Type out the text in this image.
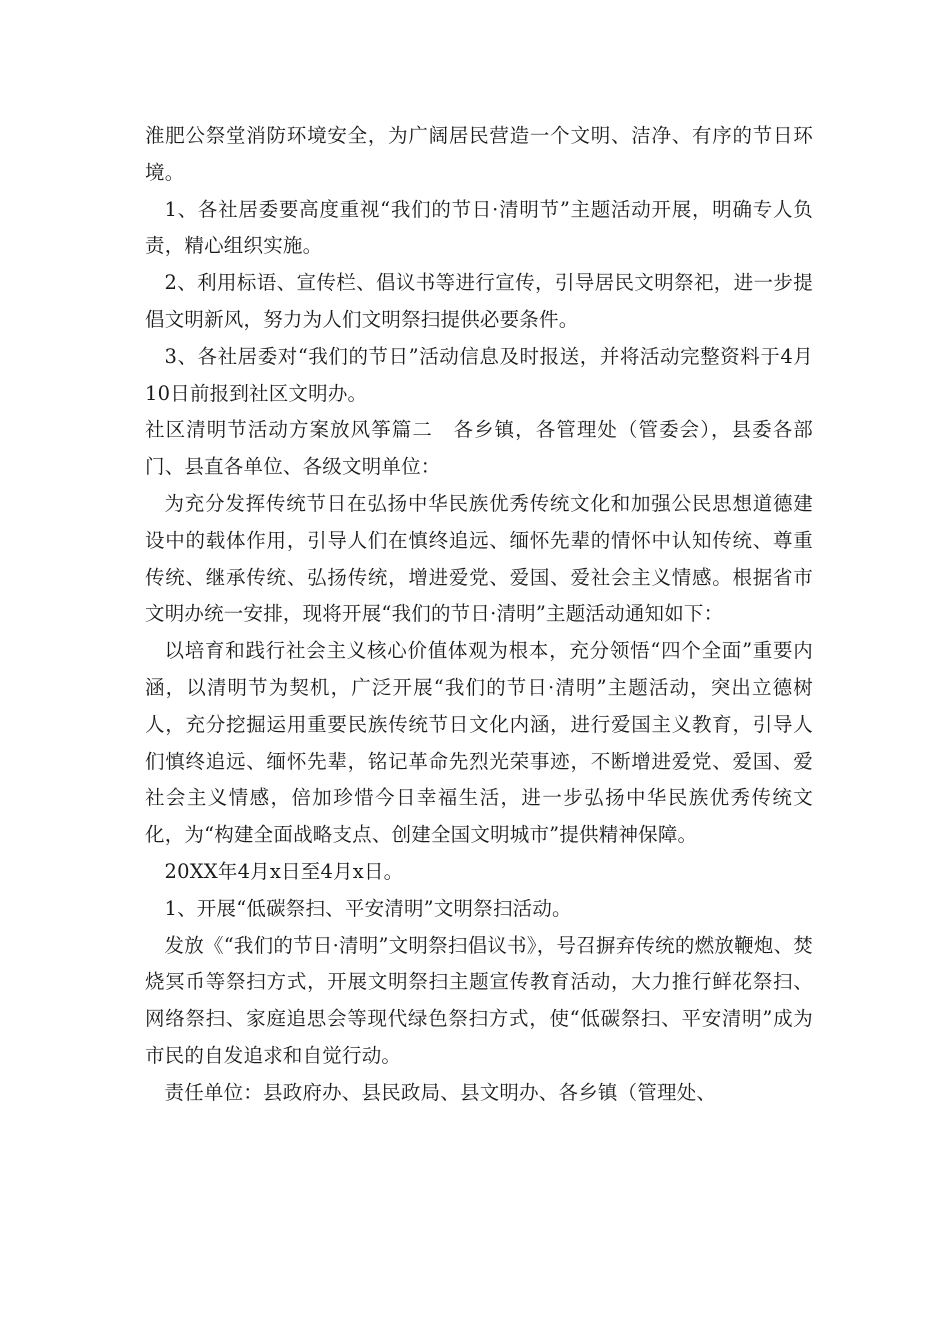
淮肥公祭堂消防环境安全，为广阔居民营造一个文明、洁净、有序的节日环境。

1、各社居委要高度重视“我们的节日·清明节”主题活动开展，明确专人负责，精心组织实施。

2、利用标语、宣传栏、倡议书等进行宣传，引导居民文明祭祀，进一步提倡文明新风，努力为人们文明祭扫提供必要条件。

3、各社居委对“我们的节日”活动信息及时报送，并将活动完整资料于4月10日前报到社区文明办。

社区清明节活动方案放风筝篇二　各乡镇，各管理处（管委会），县委各部门、县直各单位、各级文明单位：

为充分发挥传统节日在弘扬中华民族优秀传统文化和加强公民思想道德建设中的载体作用，引导人们在慎终追远、缅怀先辈的情怀中认知传统、尊重传统、继承传统、弘扬传统，增进爱党、爱国、爱社会主义情感。根据省市文明办统一安排，现将开展“我们的节日·清明”主题活动通知如下：

以培育和践行社会主义核心价值体观为根本，充分领悟“四个全面”重要内涵，以清明节为契机，广泛开展“我们的节日·清明”主题活动，突出立德树人，充分挖掘运用重要民族传统节日文化内涵，进行爱国主义教育，引导人们慎终追远、缅怀先辈，铭记革命先烈光荣事迹，不断增进爱党、爱国、爱社会主义情感，倍加珍惜今日幸福生活，进一步弘扬中华民族优秀传统文化，为“构建全面战略支点、创建全国文明城市”提供精神保障。

20XX年4月x日至4月x日。

1、开展“低碳祭扫、平安清明”文明祭扫活动。

发放《“我们的节日·清明”文明祭扫倡议书》，号召摒弃传统的燃放鞭炮、焚烧冥币等祭扫方式，开展文明祭扫主题宣传教育活动，大力推行鲜花祭扫、网络祭扫、家庭追思会等现代绿色祭扫方式，使“低碳祭扫、平安清明”成为市民的自发追求和自觉行动。

责任单位：县政府办、县民政局、县文明办、各乡镇（管理处、
